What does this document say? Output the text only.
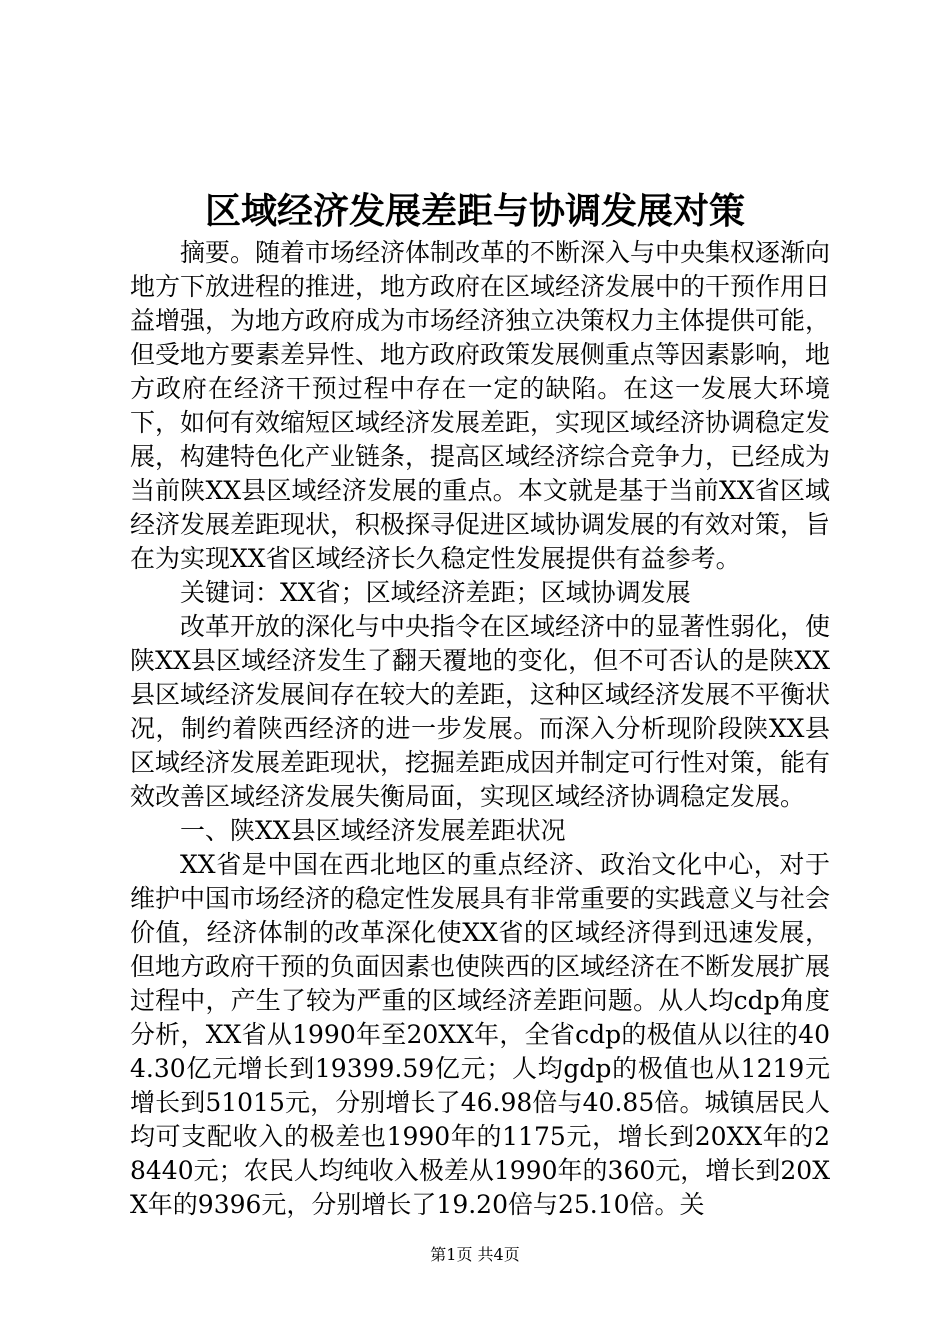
区域经济发展差距与协调发展对策

摘要。随着市场经济体制改革的不断深入与中央集权逐渐向地方下放进程的推进，地方政府在区域经济发展中的干预作用日益增强，为地方政府成为市场经济独立决策权力主体提供可能，但受地方要素差异性、地方政府政策发展侧重点等因素影响，地方政府在经济干预过程中存在一定的缺陷。在这一发展大环境下，如何有效缩短区域经济发展差距，实现区域经济协调稳定发展，构建特色化产业链条，提高区域经济综合竞争力，已经成为当前陕XX县区域经济发展的重点。本文就是基于当前XX省区域经济发展差距现状，积极探寻促进区域协调发展的有效对策，旨在为实现XX省区域经济长久稳定性发展提供有益参考。

关键词：XX省；区域经济差距；区域协调发展

改革开放的深化与中央指令在区域经济中的显著性弱化，使陕XX县区域经济发生了翻天覆地的变化，但不可否认的是陕XX县区域经济发展间存在较大的差距，这种区域经济发展不平衡状况，制约着陕西经济的进一步发展。而深入分析现阶段陕XX县区域经济发展差距现状，挖掘差距成因并制定可行性对策，能有效改善区域经济发展失衡局面，实现区域经济协调稳定发展。

一、陕XX县区域经济发展差距状况

XX省是中国在西北地区的重点经济、政治文化中心，对于维护中国市场经济的稳定性发展具有非常重要的实践意义与社会价值，经济体制的改革深化使XX省的区域经济得到迅速发展，但地方政府干预的负面因素也使陕西的区域经济在不断发展扩展过程中，产生了较为严重的区域经济差距问题。从人均cdp角度分析，XX省从1990年至20XX年，全省cdp的极值从以往的404.30亿元增长到19399.59亿元；人均gdp的极值也从1219元增长到51015元，分别增长了46.98倍与40.85倍。城镇居民人均可支配收入的极差也1990年的1175元，增长到20XX年的28440元；农民人均纯收入极差从1990年的360元，增长到20XX年的9396元，分别增长了19.20倍与25.10倍。关

第1页 共4页
